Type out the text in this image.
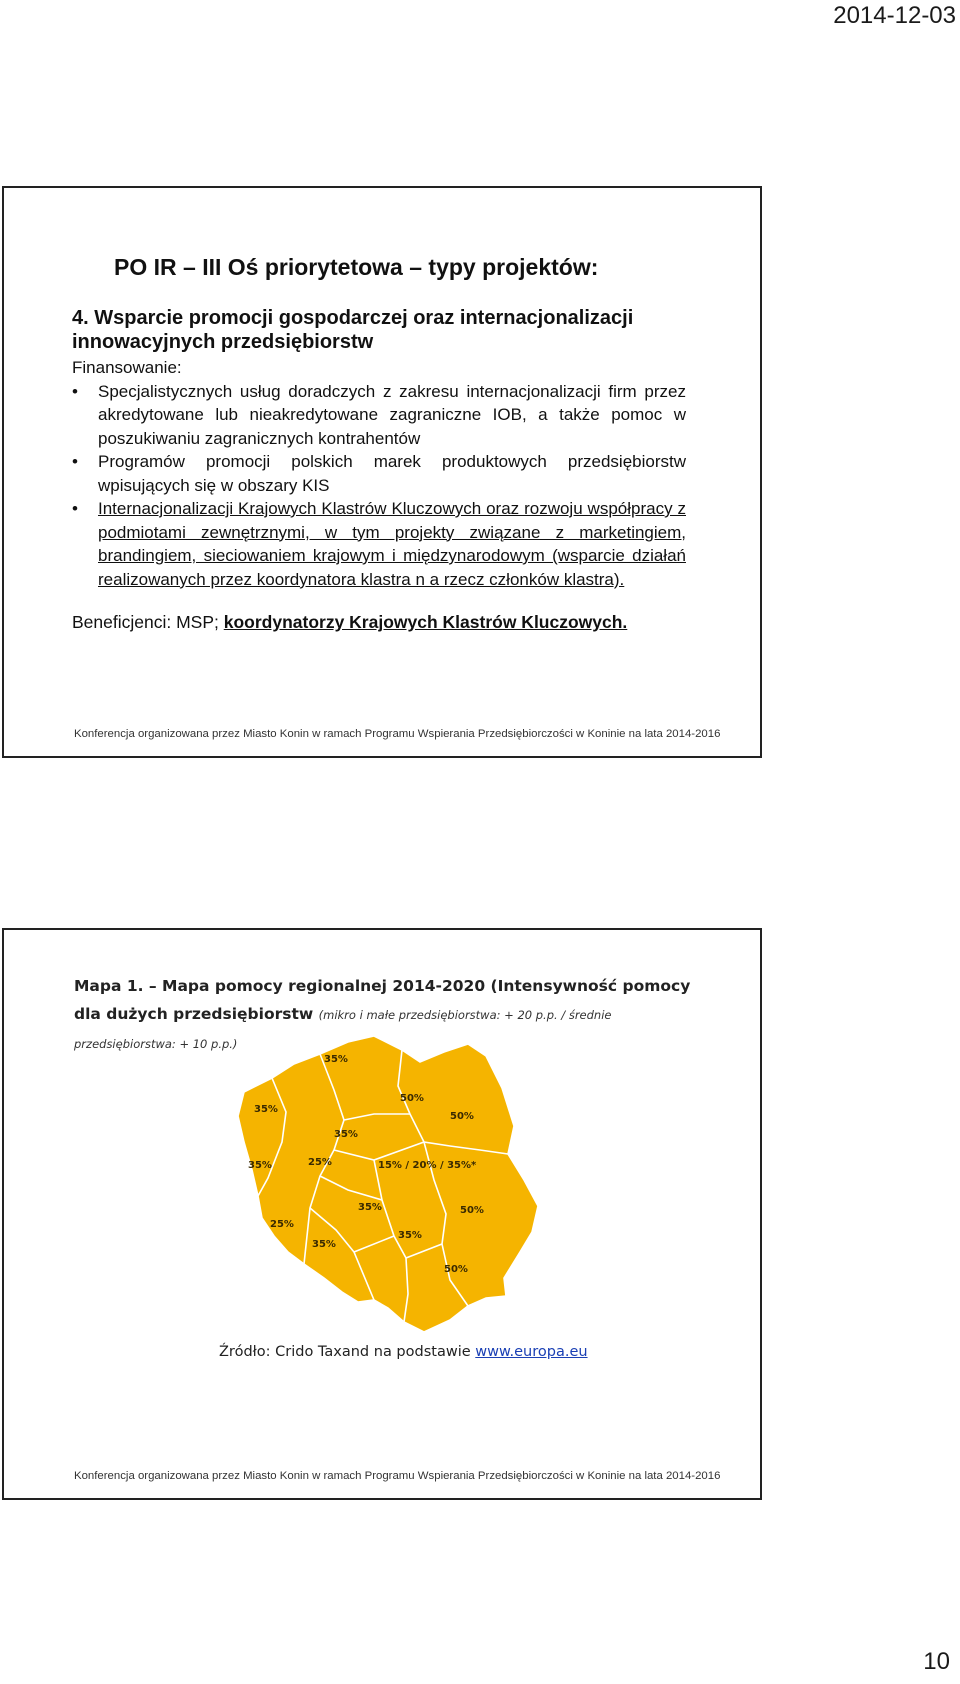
2014-12-03
PO IR – III Oś priorytetowa – typy projektów:
4. Wsparcie promocji gospodarczej oraz internacjonalizacji innowacyjnych przedsiębiorstw
Finansowanie:
• Specjalistycznych usług doradczych z zakresu internacjonalizacji firm przez akredytowane lub nieakredytowane zagraniczne IOB, a także pomoc w poszukiwaniu zagranicznych kontrahentów
• Programów promocji polskich marek produktowych przedsiębiorstw wpisujących się w obszary KIS
• Internacjonalizacji Krajowych Klastrów Kluczowych oraz rozwoju współpracy z podmiotami zewnętrznymi, w tym projekty związane z marketingiem, brandingiem, sieciowaniem krajowym i międzynarodowym (wsparcie działań realizowanych przez koordynatora klastra n a rzecz członków klastra).
Beneficjenci: MSP; koordynatorzy Krajowych Klastrów Kluczowych.
Konferencja organizowana przez Miasto Konin w ramach Programu Wspierania Przedsiębiorczości w Koninie na lata 2014-2016
Mapa 1. – Mapa pomocy regionalnej 2014-2020 (Intensywność pomocy dla dużych przedsiębiorstw (mikro i małe przedsiębiorstwa: + 20 p.p. / średnie przedsiębiorstwa: + 10 p.p.)
35%
35%
50%
50%
35%
35%	25%	15% / 20% / 35%*
35%	50%
25%
35%
35%
50%
Źródło: Crido Taxand na podstawie www.europa.eu
Konferencja organizowana przez Miasto Konin w ramach Programu Wspierania Przedsiębiorczości w Koninie na lata 2014-2016
10
